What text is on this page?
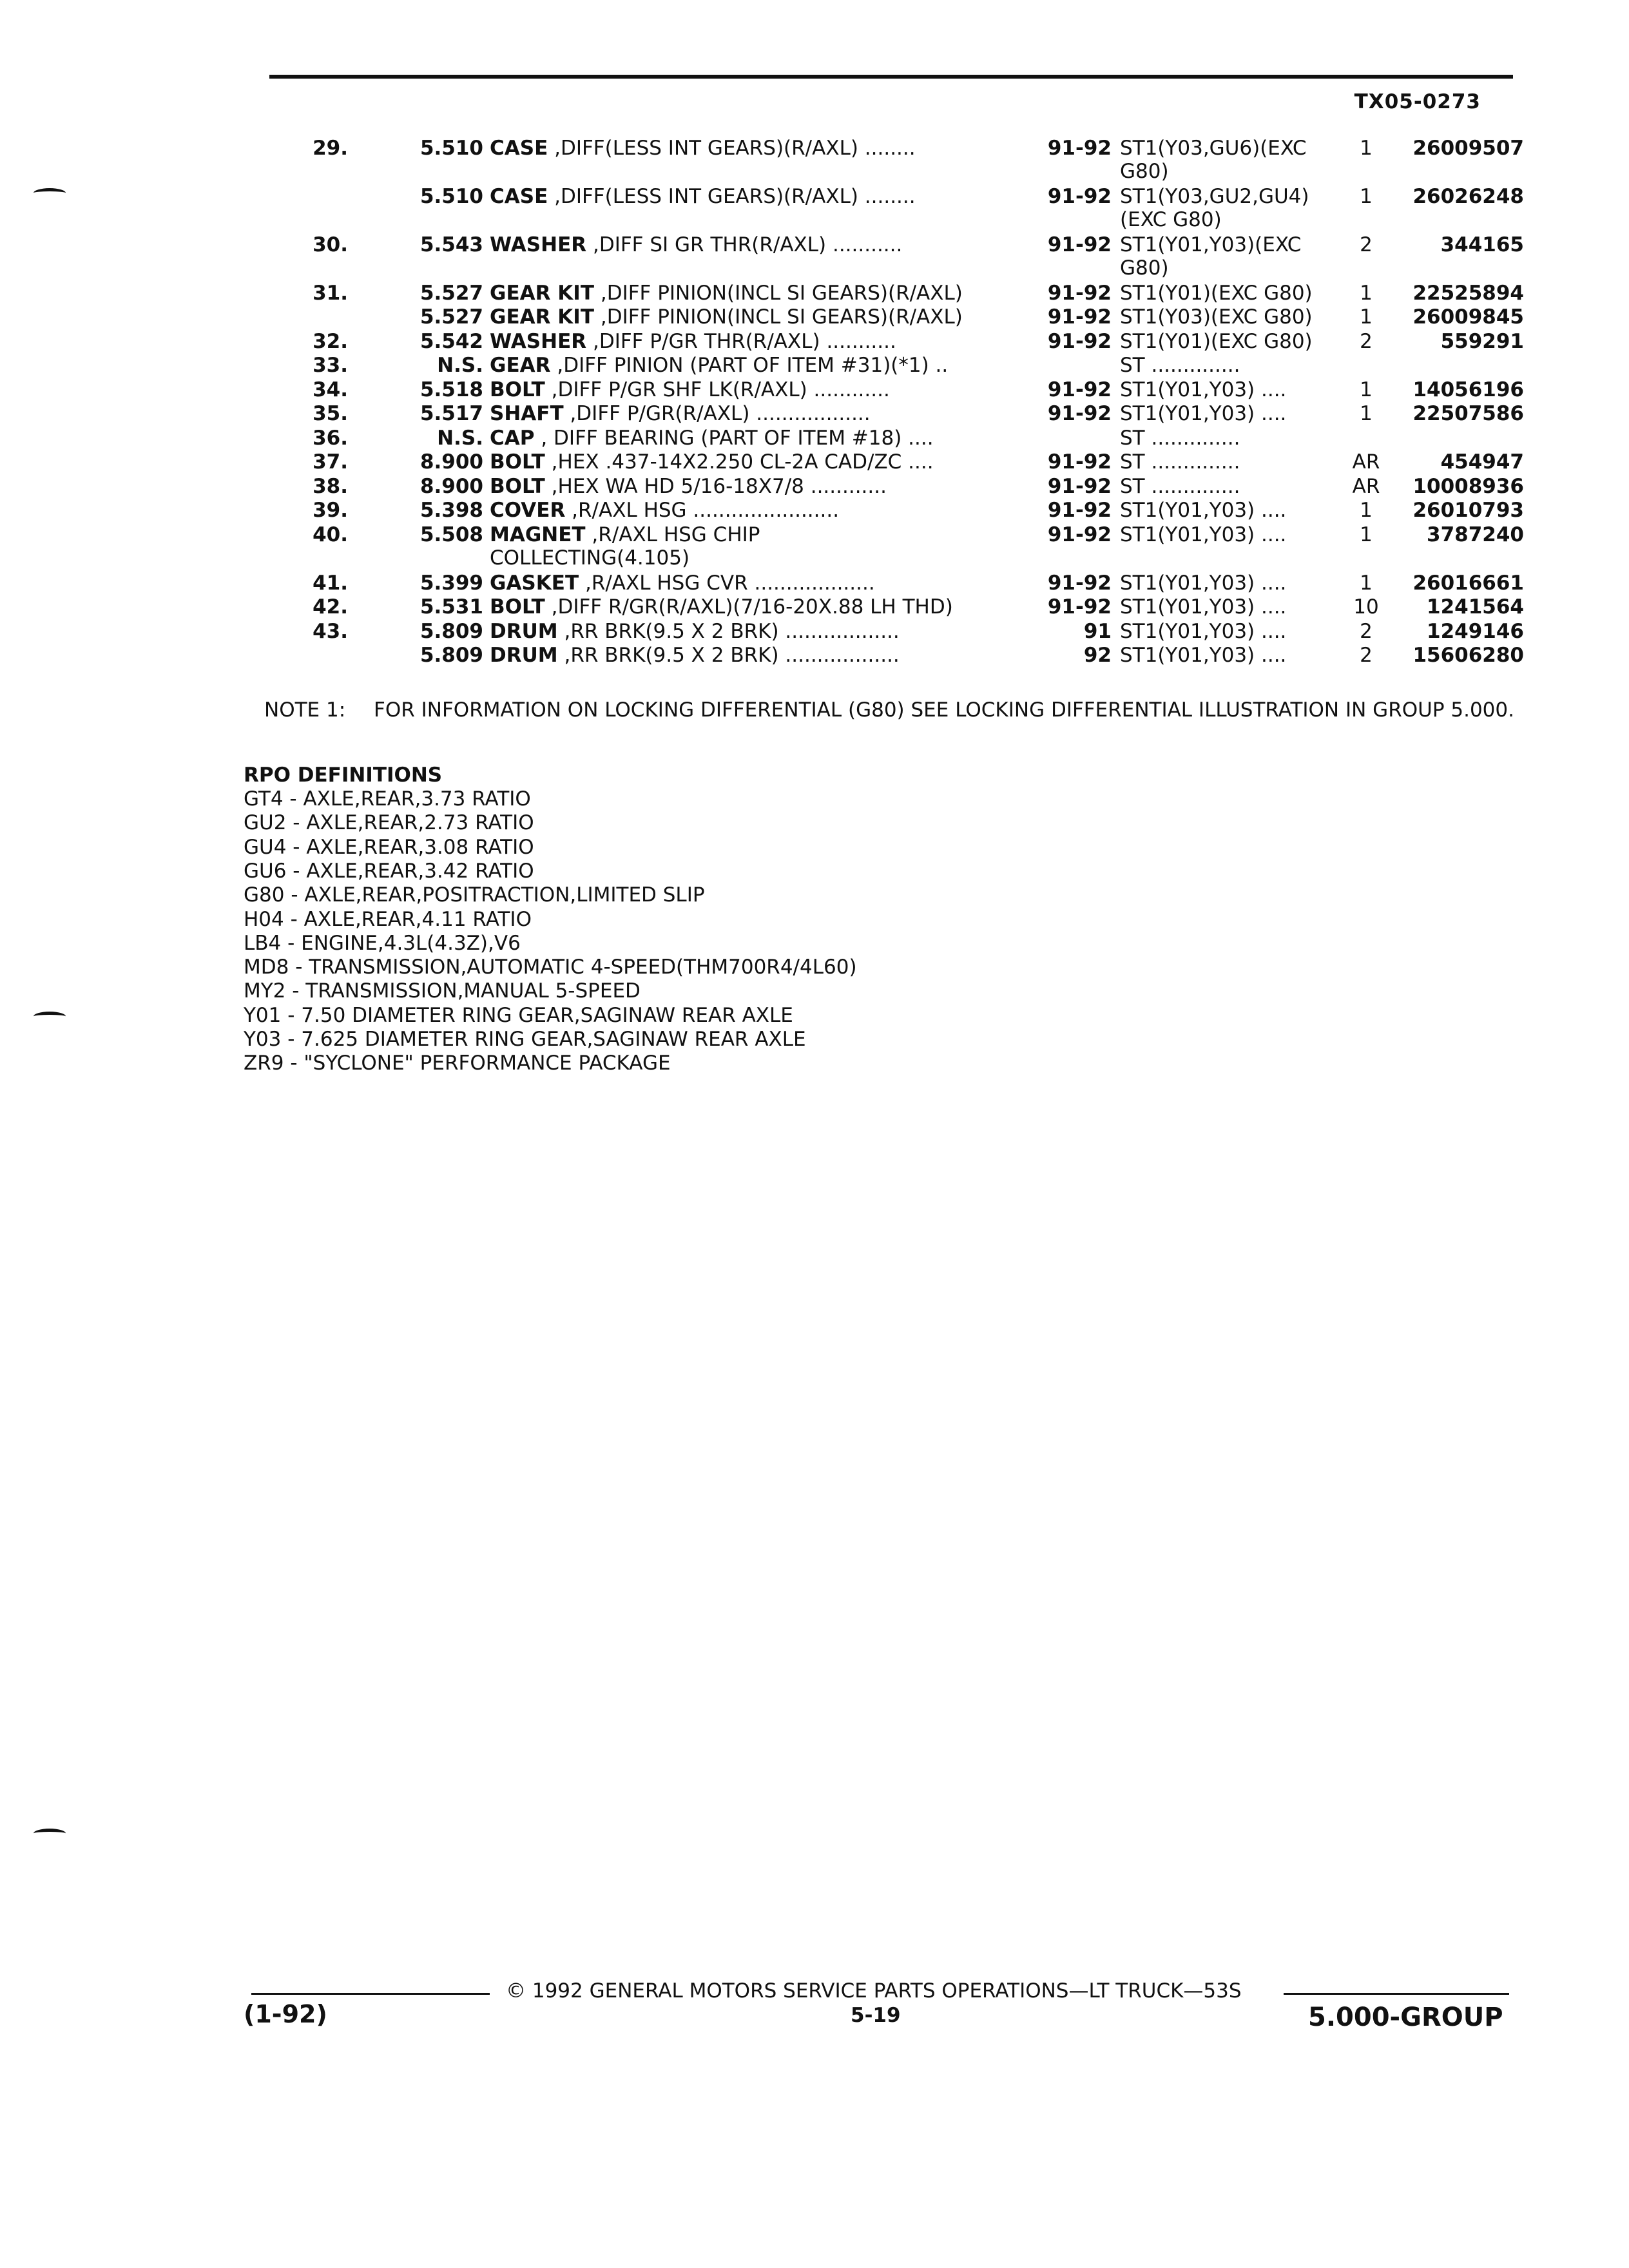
TX05-0273
29.	5.510 CASE ,DIFF(LESS INT GEARS)(R/AXL) ........	91-92 ST1(Y03,GU6)(EXC	1	26009507
G80)
5.510 CASE ,DIFF(LESS INT GEARS)(R/AXL) ........	91-92 ST1(Y03,GU2,GU4)	1	26026248
(EXC G80)
30.	5.543 WASHER ,DIFF SI GR THR(R/AXL) ...........	91-92 ST1(Y01,Y03)(EXC	2	344165
G80)
31.	5.527 GEAR KIT ,DIFF PINION(INCL SI GEARS)(R/AXL)	91-92 ST1(Y01)(EXC G80)	1	22525894
5.527 GEAR KIT ,DIFF PINION(INCL SI GEARS)(R/AXL)	91-92 ST1(Y03)(EXC G80)	1	26009845
32.	5.542 WASHER ,DIFF P/GR THR(R/AXL) ...........	91-92 ST1(Y01)(EXC G80)	2	559291
33.	N.S. GEAR ,DIFF PINION (PART OF ITEM #31)(*1) ..	ST ..............
34.	5.518 BOLT ,DIFF P/GR SHF LK(R/AXL) ............	91-92 ST1(Y01,Y03) ....	1	14056196
35.	5.517 SHAFT ,DIFF P/GR(R/AXL) ..................	91-92 ST1(Y01,Y03) ....	1	22507586
36.	N.S. CAP , DIFF BEARING (PART OF ITEM #18) ....	ST ..............
37.	8.900 BOLT ,HEX .437-14X2.250 CL-2A CAD/ZC ....	91-92 ST ..............	AR	454947
38.	8.900 BOLT ,HEX WA HD 5/16-18X7/8 ............	91-92 ST ..............	AR	10008936
39.	5.398 COVER ,R/AXL HSG .......................	91-92 ST1(Y01,Y03) ....	1	26010793
40.	5.508 MAGNET ,R/AXL HSG CHIP	91-92 ST1(Y01,Y03) ....	1	3787240
COLLECTING(4.105)
41.	5.399 GASKET ,R/AXL HSG CVR ...................	91-92 ST1(Y01,Y03) ....	1	26016661
42.	5.531 BOLT ,DIFF R/GR(R/AXL)(7/16-20X.88 LH THD)	91-92 ST1(Y01,Y03) ....	10	1241564
43.	5.809 DRUM ,RR BRK(9.5 X 2 BRK) ..................	91 ST1(Y01,Y03) ....	2	1249146
5.809 DRUM ,RR BRK(9.5 X 2 BRK) ..................	92 ST1(Y01,Y03) ....	2	15606280
NOTE 1: FOR INFORMATION ON LOCKING DIFFERENTIAL (G80) SEE LOCKING DIFFERENTIAL ILLUSTRATION IN GROUP 5.000.
RPO DEFINITIONS
GT4 - AXLE,REAR,3.73 RATIO
GU2 - AXLE,REAR,2.73 RATIO
GU4 - AXLE,REAR,3.08 RATIO
GU6 - AXLE,REAR,3.42 RATIO
G80 - AXLE,REAR,POSITRACTION,LIMITED SLIP
H04 - AXLE,REAR,4.11 RATIO
LB4 - ENGINE,4.3L(4.3Z),V6
MD8 - TRANSMISSION,AUTOMATIC 4-SPEED(THM700R4/4L60)
MY2 - TRANSMISSION,MANUAL 5-SPEED
Y01 - 7.50 DIAMETER RING GEAR,SAGINAW REAR AXLE
Y03 - 7.625 DIAMETER RING GEAR,SAGINAW REAR AXLE
ZR9 - "SYCLONE" PERFORMANCE PACKAGE
© 1992 GENERAL MOTORS SERVICE PARTS OPERATIONS—LT TRUCK—53S
(1-92)	5-19	5.000-GROUP
